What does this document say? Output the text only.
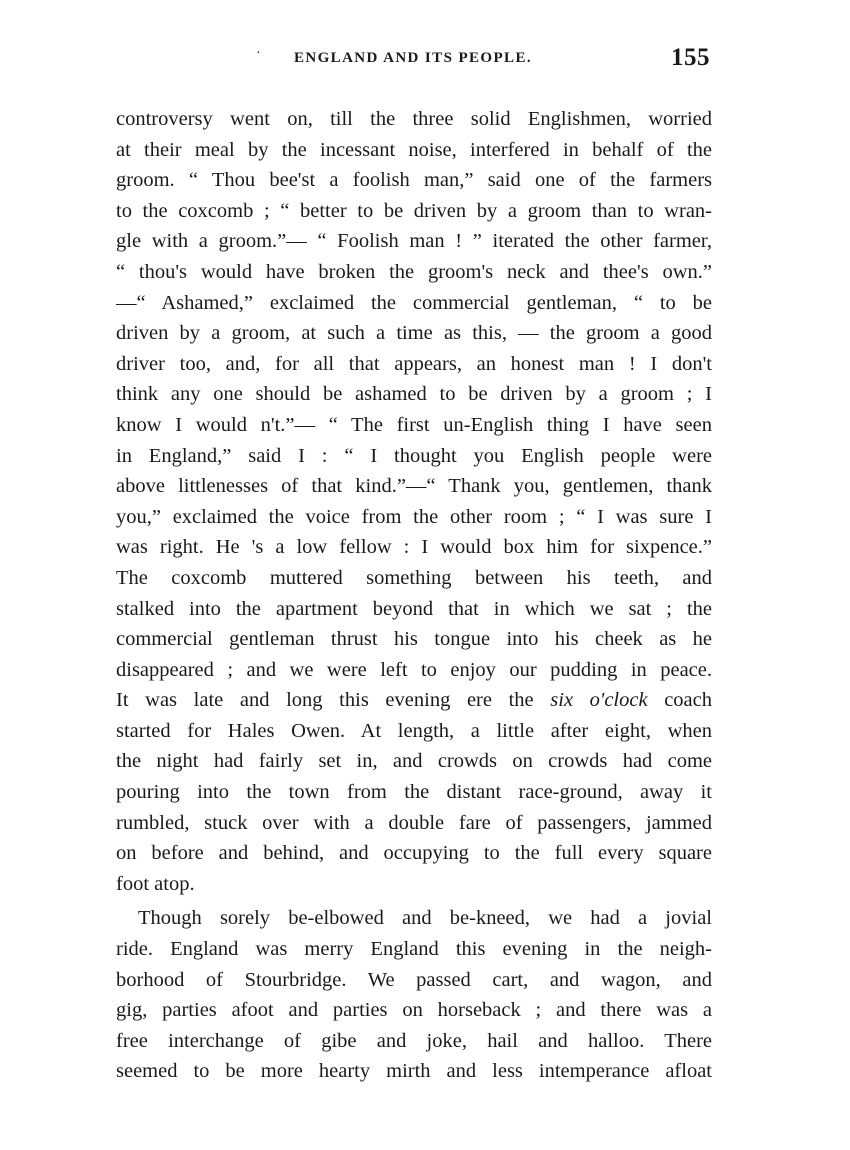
·	ENGLAND AND ITS PEOPLE.	155
controversy went on, till the three solid Englishmen, worried
at their meal by the incessant noise, interfered in behalf of the
groom. “ Thou bee'st a foolish man,” said one of the farmers
to the coxcomb ; “ better to be driven by a groom than to wran-
gle with a groom.”— “ Foolish man ! ” iterated the other farmer,
“ thou's would have broken the groom's neck and thee's own.”
—“ Ashamed,” exclaimed the commercial gentleman, “ to be
driven by a groom, at such a time as this, — the groom a good
driver too, and, for all that appears, an honest man ! I don't
think any one should be ashamed to be driven by a groom ; I
know I would n't.”— “ The first un-English thing I have seen
in England,” said I : “ I thought you English people were
above littlenesses of that kind.”—“ Thank you, gentlemen, thank
you,” exclaimed the voice from the other room ; “ I was sure I
was right. He 's a low fellow : I would box him for sixpence.”
The coxcomb muttered something between his teeth, and
stalked into the apartment beyond that in which we sat ; the
commercial gentleman thrust his tongue into his cheek as he
disappeared ; and we were left to enjoy our pudding in peace.
It was late and long this evening ere the six o'clock coach
started for Hales Owen. At length, a little after eight, when
the night had fairly set in, and crowds on crowds had come
pouring into the town from the distant race-ground, away it
rumbled, stuck over with a double fare of passengers, jammed
on before and behind, and occupying to the full every square
foot atop.
Though sorely be-elbowed and be-kneed, we had a jovial
ride. England was merry England this evening in the neigh-
borhood of Stourbridge. We passed cart, and wagon, and
gig, parties afoot and parties on horseback ; and there was a
free interchange of gibe and joke, hail and halloo. There
seemed to be more hearty mirth and less intemperance afloat
